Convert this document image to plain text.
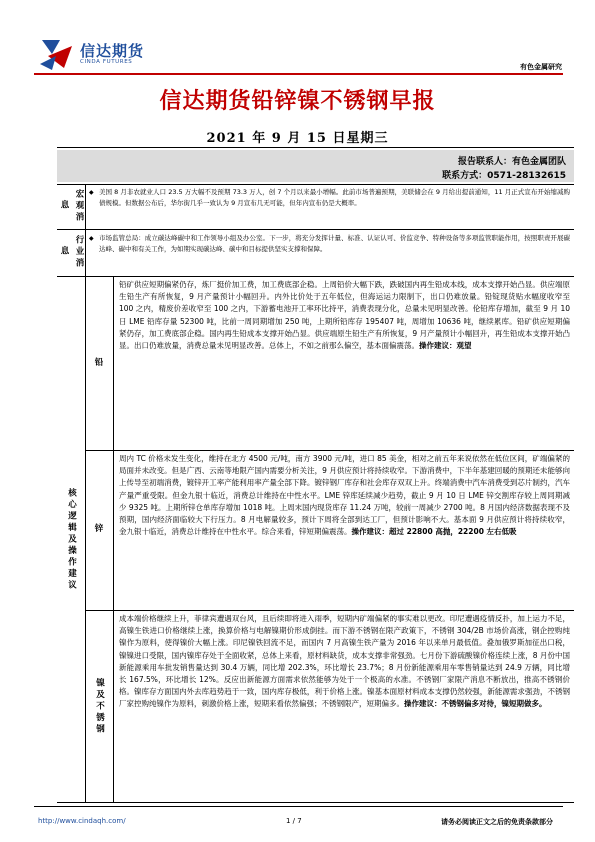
信达期货
CINDA FUTURES
有色金属研究
信达期货铅锌镍不锈钢早报
2021 年 9 月 15 日星期三
报告联系人：有色金属团队
联系方式：0571-28132615
宏观消息
◆ 美国 8 月非农就业人口 23.5 万大幅不及预期 73.3 万人，创 7 个月以来最小增幅。此前市场普遍预期，美联储会在 9 月给出提前通知，11 月正式宣布开始缩减购债规模。但数据公布后，华尔街几乎一致认为 9 月宣布几无可能，但年内宣布仍是大概率。
行业消息
◆ 市场监管总局：成立碳达峰碳中和工作领导小组及办公室。下一步，将充分发挥计量、标准、认证认可、价监竞争、特种设备等多项监管职能作用，按照职责开展碳达峰、碳中和有关工作，为如期实现碳达峰、碳中和目标提供坚实支撑和保障。
核心逻辑及操作建议
铅
铅矿供应短期偏紧仍存，炼厂挺价加工费，加工费底部企稳。上周铅价大幅下跌，跌破国内再生铅成本线，成本支撑开始凸显。供应端原生铅生产有所恢复，9 月产量预计小幅回升。内外比价处于五年低位，但海运运力限制下，出口仍难放量。铅锭现货贴水幅度收窄至 100 之内，精废价差收窄至 100 之内，下游蓄电池开工率环比持平，消费表现分化，总量未见明显改善。伦铅库存增加，截至 9 月 10 日 LME 铅库存量 52300 吨，比前一周同期增加 250 吨，上期所铅库存 195407 吨，周增加 10636 吨，继续累库。铅矿供应短期偏紧仍存，加工费底部企稳。国内再生铅成本支撑开始凸显。供应端原生铅生产有所恢复，9 月产量预计小幅回升，再生铅成本支撑开始凸显。出口仍难放量，消费总量未见明显改善。总体上，不如之前那么偏空，基本面偏震荡。操作建议：观望
锌
周内 TC 价格未发生变化，维持在北方 4500 元/吨，南方 3900 元/吨，进口 85 美金，相对之前五年来说依然在低位区间，矿端偏紧的局面并未改变。但是广西、云南等地限产国内需要分析关注，9 月供应预计将持续收窄。下游消费中，下半年基建回暖的预期还未能够向上传导至初端消费，镀锌开工率产能利用率产量全部下降。镀锌钢厂库存和社会库存双双上升。终端消费中汽车消费受到芯片制约，汽车产量严重受限。但金九银十临近，消费总计维持在中性水平。LME 锌库延续减少趋势，截止 9 月 10 日 LME 锌交割库存较上周同期减少 9325 吨。上期所锌仓单库存增加 1018 吨。上周末国内现货库存 11.24 万吨，较前一周减少 2700 吨。8 月国内经济数据表现不及预期，国内经济面临较大下行压力。8 月电解量较多，预计下周将全部到达工厂，但预计影响不大。基本面 9 月供应预计将持续收窄，金九银十临近，消费总计维持在中性水平。综合来看，锌短期偏震荡。操作建议：超过 22800 高抛，22200 左右低吸
镍及不锈钢
成本端价格继续上升，菲律宾遭遇双台风，且后续即将进入雨季，短期内矿端偏紧的事实难以更改。印尼遭遇疫情反扑，加上运力不足，高镍生铁进口价格继续上涨，换算价格与电解镍期价形成倒挂。而下游不锈钢在限产政策下，不锈钢 304/2B 市场价高涨，钢企控购纯镍作为原料，使得镍价大幅上涨。印尼镍铁回流不足，而国内 7 月高镍生铁产量为 2016 年以来单月最低值。叠加俄罗斯加征出口税，镍镍进口受限，国内镍库存处于全面收紧，总体上来看，原材料缺货，成本支撑非常强劲。七月份下游硫酸镍价格连续上涨，8 月份中国新能源乘用车批发销售量达到 30.4 万辆，同比增 202.3%，环比增长 23.7%；8 月份新能源乘用车零售销量达到 24.9 万辆，同比增长 167.5%，环比增长 12%。反应出新能源方面需求依然能够为处于一个极高的水准。不锈钢厂家限产消息不断放出，推高不锈钢价格。镍库存方面国内外去库趋势趋于一致，国内库存极低，利于价格上涨。镍基本面原材料成本支撑仍然较强，新能源需求强劲，不锈钢厂家控购纯镍作为原料，刺激价格上涨，短期来看依然偏强；不锈钢限产，短期偏多。操作建议：不锈钢偏多对待，镍短期做多。
http://www.cindaqh.com/	1 / 7	请务必阅读正文之后的免责条款部分
